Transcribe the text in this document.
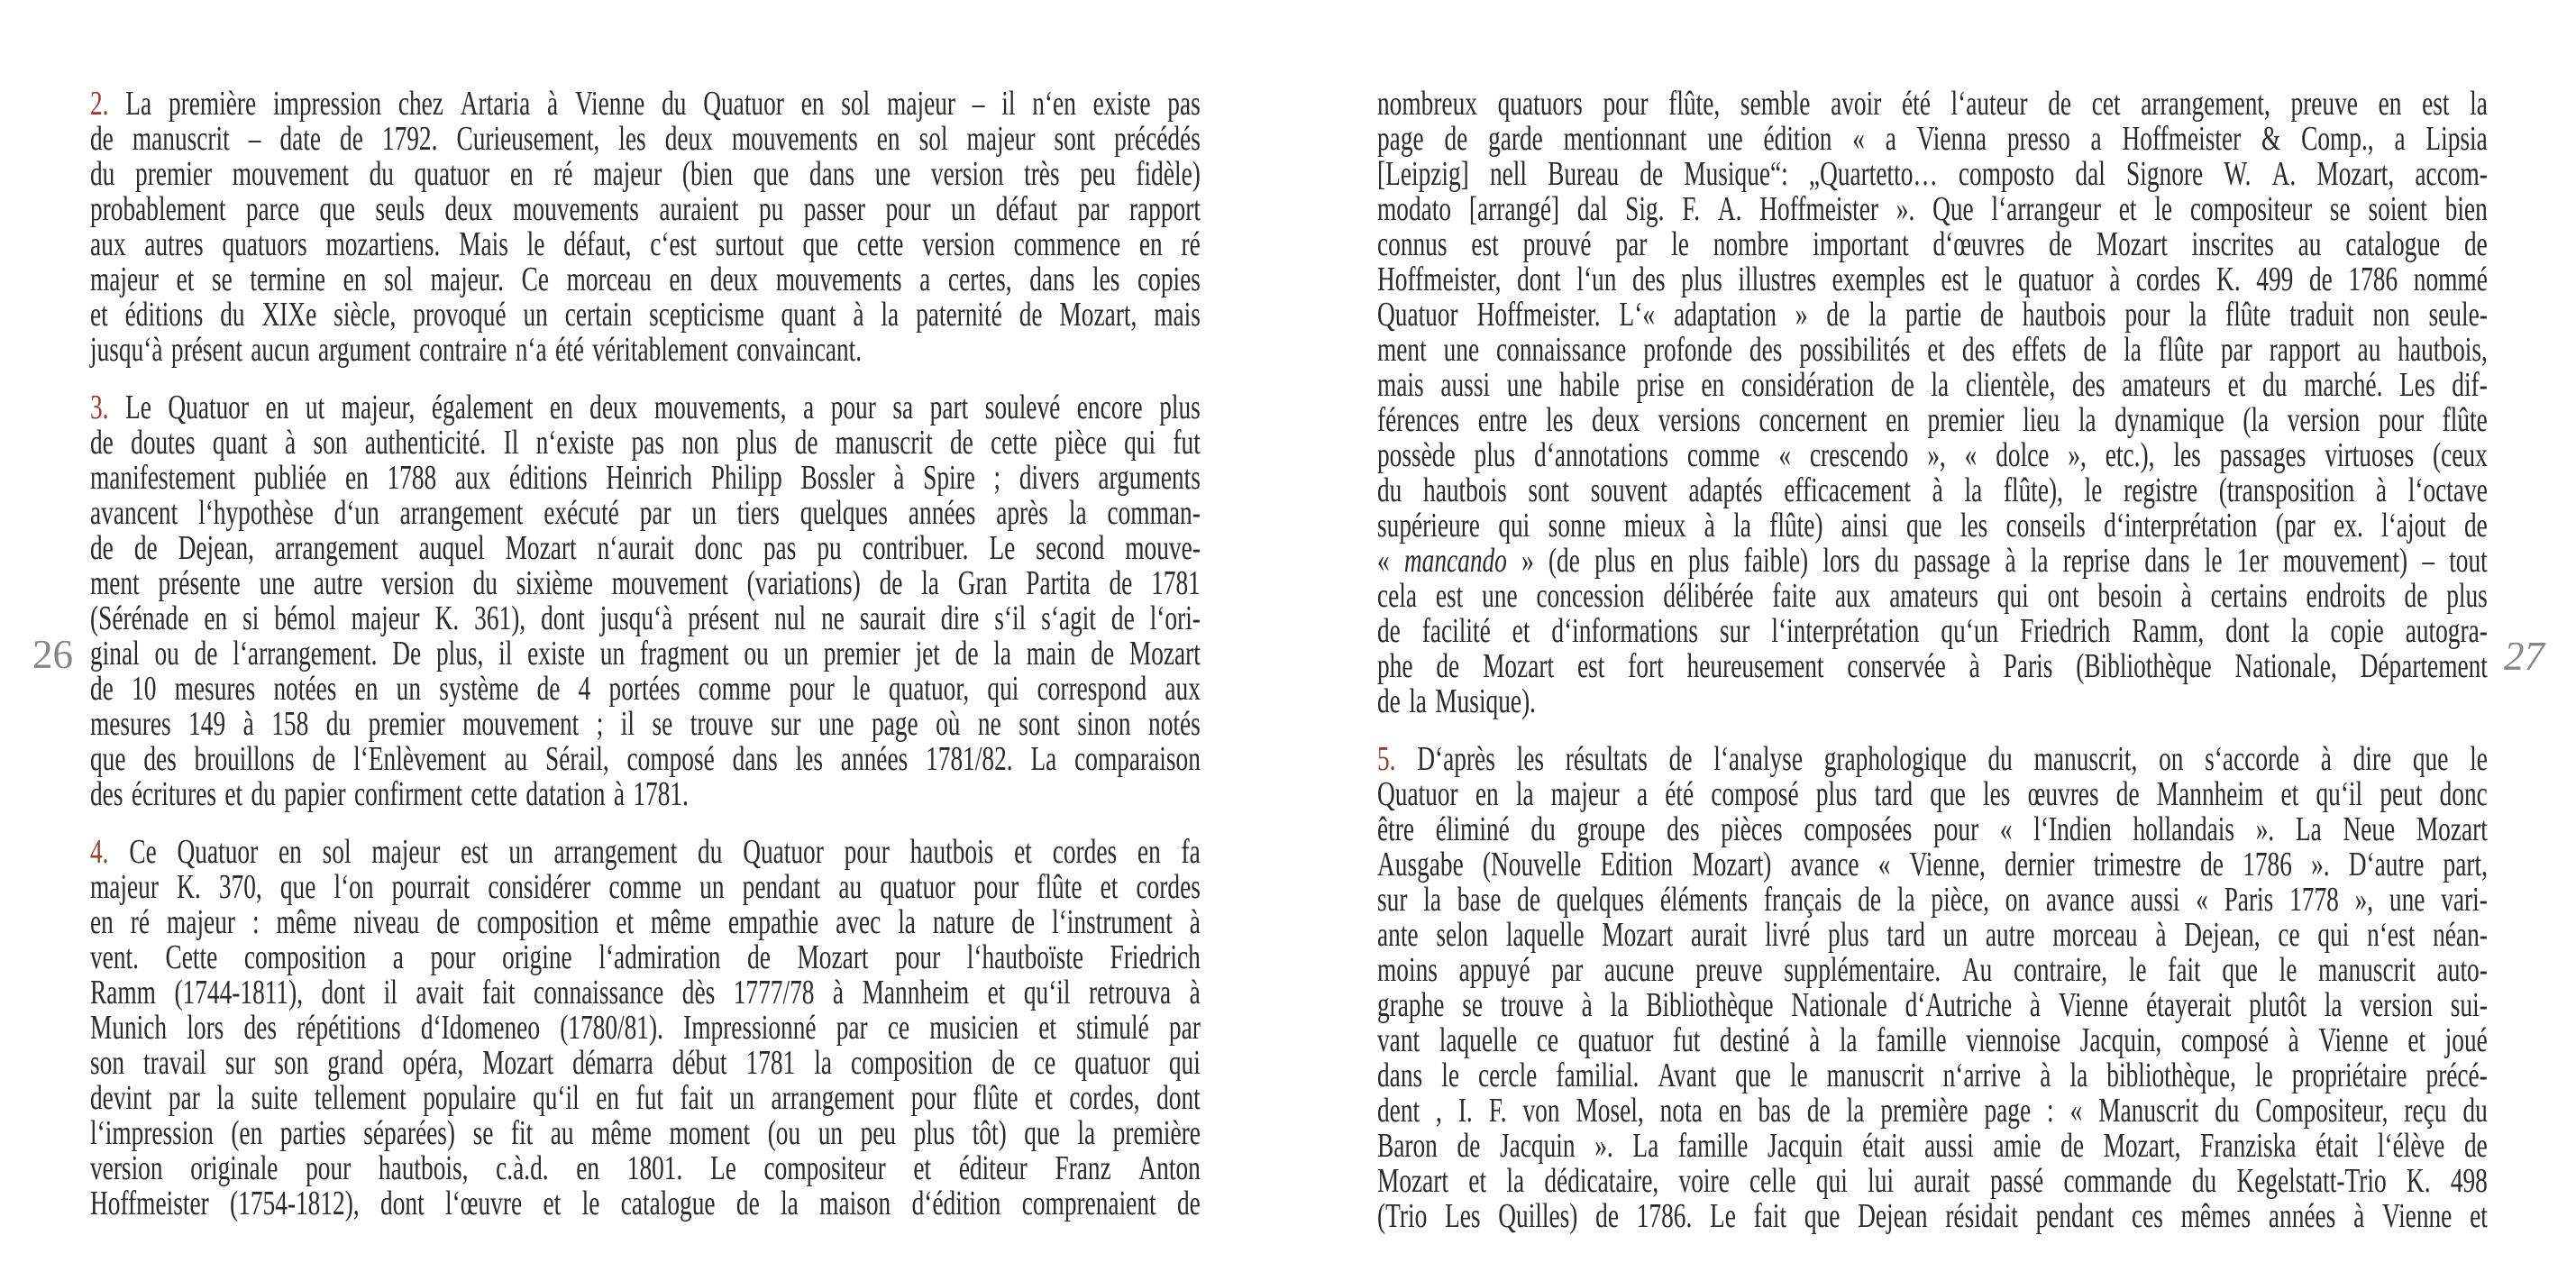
26
2. La première impression chez Artaria à Vienne du Quatuor en sol majeur – il n‘en existe pas
de manuscrit – date de 1792. Curieusement, les deux mouvements en sol majeur sont précédés
du premier mouvement du quatuor en ré majeur (bien que dans une version très peu fidèle)
probablement parce que seuls deux mouvements auraient pu passer pour un défaut par rapport
aux autres quatuors mozartiens. Mais le défaut, c‘est surtout que cette version commence en ré
majeur et se termine en sol majeur. Ce morceau en deux mouvements a certes, dans les copies
et éditions du XIXe siècle, provoqué un certain scepticisme quant à la paternité de Mozart, mais
jusqu‘à présent aucun argument contraire n‘a été véritablement convaincant.
3. Le Quatuor en ut majeur, également en deux mouvements, a pour sa part soulevé encore plus
de doutes quant à son authenticité. Il n‘existe pas non plus de manuscrit de cette pièce qui fut
manifestement publiée en 1788 aux éditions Heinrich Philipp Bossler à Spire ; divers arguments
avancent l‘hypothèse d‘un arrangement exécuté par un tiers quelques années après la comman-
de de Dejean, arrangement auquel Mozart n‘aurait donc pas pu contribuer. Le second mouve-
ment présente une autre version du sixième mouvement (variations) de la Gran Partita de 1781
(Sérénade en si bémol majeur K. 361), dont jusqu‘à présent nul ne saurait dire s‘il s‘agit de l‘ori-
ginal ou de l‘arrangement. De plus, il existe un fragment ou un premier jet de la main de Mozart
de 10 mesures notées en un système de 4 portées comme pour le quatuor, qui correspond aux
mesures 149 à 158 du premier mouvement ; il se trouve sur une page où ne sont sinon notés
que des brouillons de l‘Enlèvement au Sérail, composé dans les années 1781/82. La comparaison
des écritures et du papier confirment cette datation à 1781.
4. Ce Quatuor en sol majeur est un arrangement du Quatuor pour hautbois et cordes en fa
majeur K. 370, que l‘on pourrait considérer comme un pendant au quatuor pour flûte et cordes
en ré majeur : même niveau de composition et même empathie avec la nature de l‘instrument à
vent. Cette composition a pour origine l‘admiration de Mozart pour l‘hautboïste Friedrich
Ramm (1744-1811), dont il avait fait connaissance dès 1777/78 à Mannheim et qu‘il retrouva à
Munich lors des répétitions d‘Idomeneo (1780/81). Impressionné par ce musicien et stimulé par
son travail sur son grand opéra, Mozart démarra début 1781 la composition de ce quatuor qui
devint par la suite tellement populaire qu‘il en fut fait un arrangement pour flûte et cordes, dont
l‘impression (en parties séparées) se fit au même moment (ou un peu plus tôt) que la première
version originale pour hautbois, c.à.d. en 1801. Le compositeur et éditeur Franz Anton
Hoffmeister (1754-1812), dont l‘œuvre et le catalogue de la maison d‘édition comprenaient de
nombreux quatuors pour flûte, semble avoir été l‘auteur de cet arrangement, preuve en est la
page de garde mentionnant une édition « a Vienna presso a Hoffmeister & Comp., a Lipsia
[Leipzig] nell Bureau de Musique“: „Quartetto… composto dal Signore W. A. Mozart, accom-
modato [arrangé] dal Sig. F. A. Hoffmeister ». Que l‘arrangeur et le compositeur se soient bien
connus est prouvé par le nombre important d‘œuvres de Mozart inscrites au catalogue de
Hoffmeister, dont l‘un des plus illustres exemples est le quatuor à cordes K. 499 de 1786 nommé
Quatuor Hoffmeister. L‘« adaptation » de la partie de hautbois pour la flûte traduit non seule-
ment une connaissance profonde des possibilités et des effets de la flûte par rapport au hautbois,
mais aussi une habile prise en considération de la clientèle, des amateurs et du marché. Les dif-
férences entre les deux versions concernent en premier lieu la dynamique (la version pour flûte
possède plus d‘annotations comme « crescendo », « dolce », etc.), les passages virtuoses (ceux
du hautbois sont souvent adaptés efficacement à la flûte), le registre (transposition à l‘octave
supérieure qui sonne mieux à la flûte) ainsi que les conseils d‘interprétation (par ex. l‘ajout de
« mancando » (de plus en plus faible) lors du passage à la reprise dans le 1er mouvement) – tout
cela est une concession délibérée faite aux amateurs qui ont besoin à certains endroits de plus
de facilité et d‘informations sur l‘interprétation qu‘un Friedrich Ramm, dont la copie autogra-
phe de Mozart est fort heureusement conservée à Paris (Bibliothèque Nationale, Département
de la Musique).
5. D‘après les résultats de l‘analyse graphologique du manuscrit, on s‘accorde à dire que le
Quatuor en la majeur a été composé plus tard que les œuvres de Mannheim et qu‘il peut donc
être éliminé du groupe des pièces composées pour « l‘Indien hollandais ». La Neue Mozart
Ausgabe (Nouvelle Edition Mozart) avance « Vienne, dernier trimestre de 1786 ». D‘autre part,
sur la base de quelques éléments français de la pièce, on avance aussi « Paris 1778 », une vari-
ante selon laquelle Mozart aurait livré plus tard un autre morceau à Dejean, ce qui n‘est néan-
moins appuyé par aucune preuve supplémentaire. Au contraire, le fait que le manuscrit auto-
graphe se trouve à la Bibliothèque Nationale d‘Autriche à Vienne étayerait plutôt la version sui-
vant laquelle ce quatuor fut destiné à la famille viennoise Jacquin, composé à Vienne et joué
dans le cercle familial. Avant que le manuscrit n‘arrive à la bibliothèque, le propriétaire précé-
dent , I. F. von Mosel, nota en bas de la première page : « Manuscrit du Compositeur, reçu du
Baron de Jacquin ». La famille Jacquin était aussi amie de Mozart, Franziska était l‘élève de
Mozart et la dédicataire, voire celle qui lui aurait passé commande du Kegelstatt-Trio K. 498
(Trio Les Quilles) de 1786. Le fait que Dejean résidait pendant ces mêmes années à Vienne et
27
